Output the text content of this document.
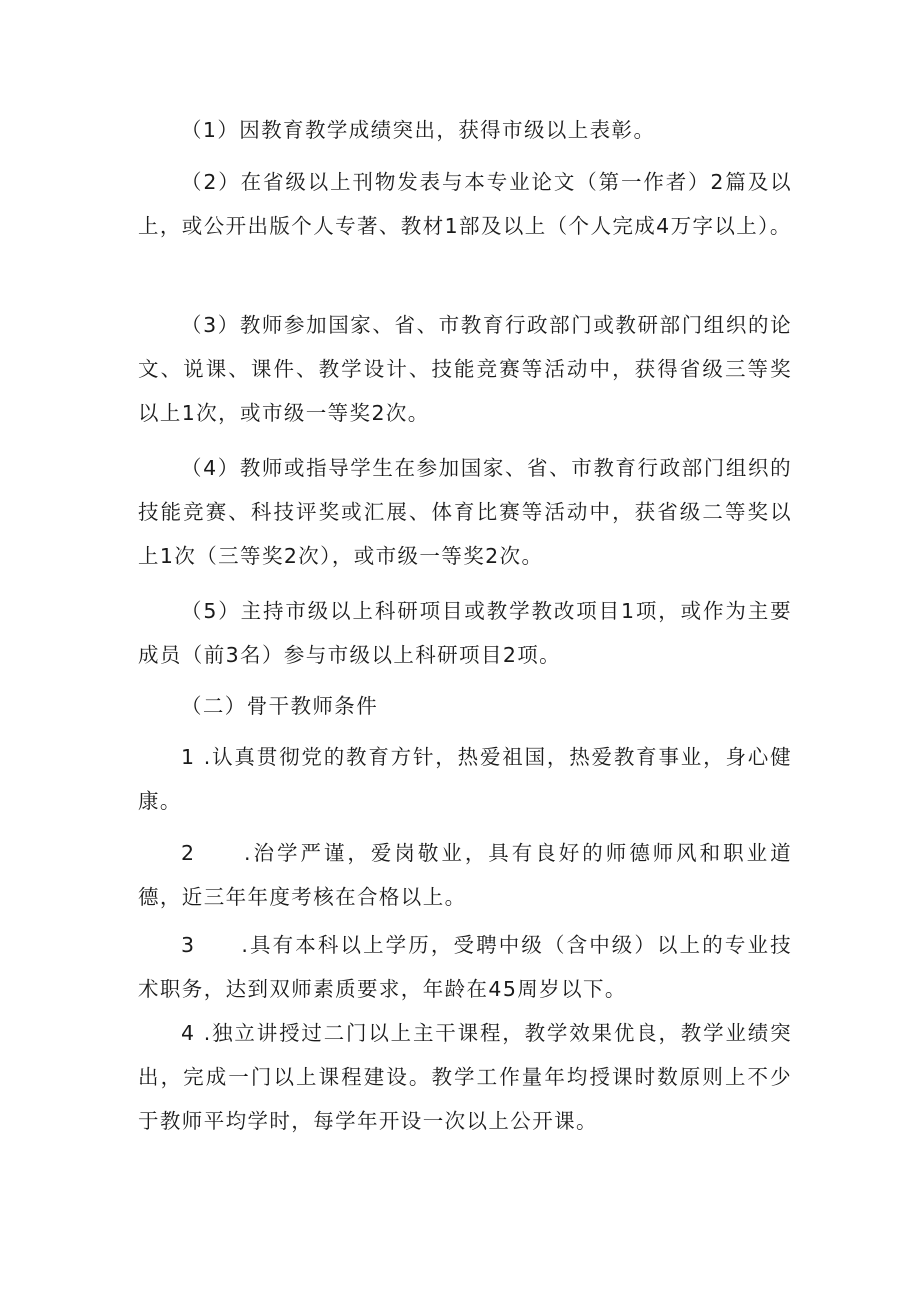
（1）因教育教学成绩突出，获得市级以上表彰。

（2）在省级以上刊物发表与本专业论文（第一作者）2篇及以上，或公开出版个人专著、教材1部及以上（个人完成4万字以上）。

（3）教师参加国家、省、市教育行政部门或教研部门组织的论文、说课、课件、教学设计、技能竞赛等活动中，获得省级三等奖以上1次，或市级一等奖2次。

（4）教师或指导学生在参加国家、省、市教育行政部门组织的技能竞赛、科技评奖或汇展、体育比赛等活动中，获省级二等奖以上1次（三等奖2次），或市级一等奖2次。

（5）主持市级以上科研项目或教学教改项目1项，或作为主要成员（前3名）参与市级以上科研项目2项。

（二）骨干教师条件

1 .认真贯彻党的教育方针，热爱祖国，热爱教育事业，身心健康。

2　　.治学严谨，爱岗敬业，具有良好的师德师风和职业道德，近三年年度考核在合格以上。

3　　.具有本科以上学历，受聘中级（含中级）以上的专业技术职务，达到双师素质要求，年龄在45周岁以下。

4 .独立讲授过二门以上主干课程，教学效果优良，教学业绩突出，完成一门以上课程建设。教学工作量年均授课时数原则上不少于教师平均学时，每学年开设一次以上公开课。
